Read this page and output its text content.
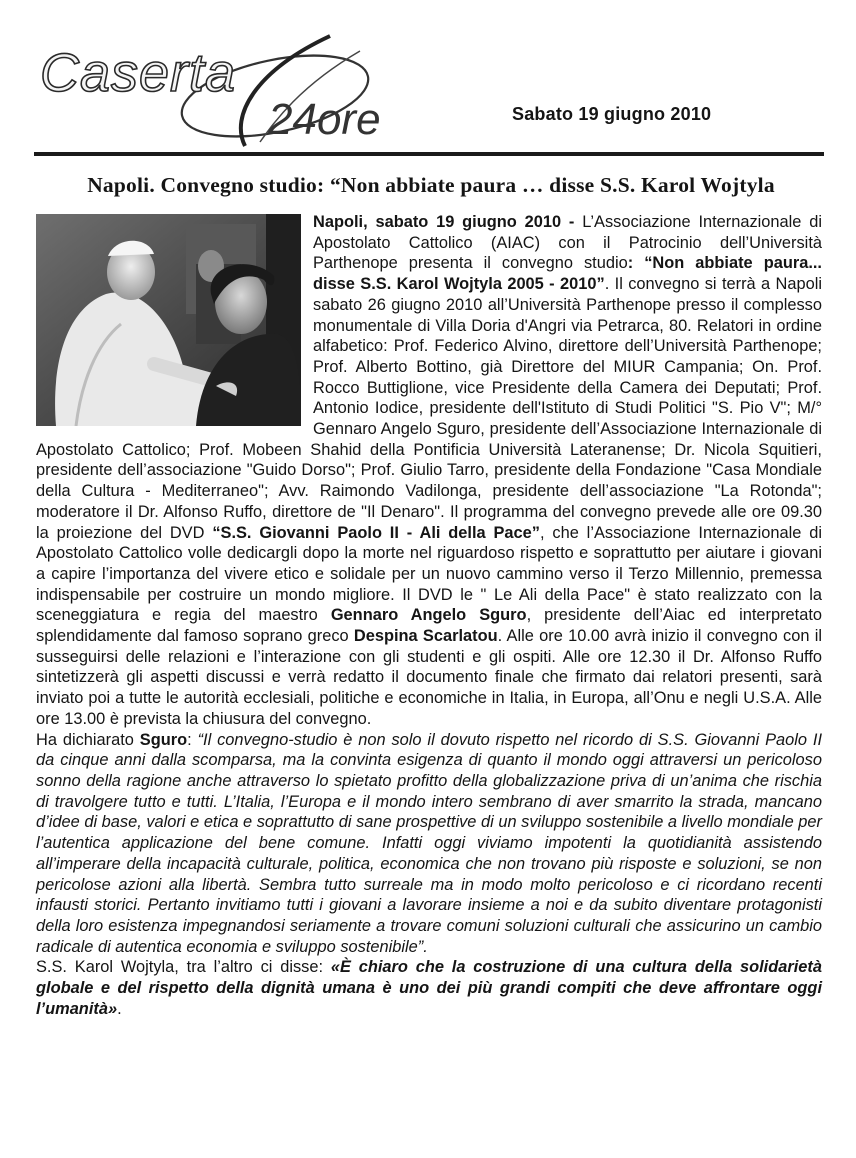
Caserta
24ore	Sabato 19 giugno 2010
Napoli. Convegno studio: “Non abbiate paura … disse S.S. Karol Wojtyla

Napoli, sabato 19 giugno 2010 - L’Associazione Internazionale di Apostolato Cattolico (AIAC) con il Patrocinio dell’Università Parthenope presenta il convegno studio: “Non abbiate paura... disse S.S. Karol Wojtyla 2005 - 2010”. Il convegno si terrà a Napoli sabato 26 giugno 2010 all’Università Parthenope presso il complesso monumentale di Villa Doria d'Angri via Petrarca, 80. Relatori in ordine alfabetico: Prof. Federico Alvino, direttore dell’Università Parthenope; Prof. Alberto Bottino, già Direttore del MIUR Campania; On. Prof. Rocco Buttiglione, vice Presidente della Camera dei Deputati; Prof. Antonio Iodice, presidente dell'Istituto di Studi Politici "S. Pio V"; M/° Gennaro Angelo Sguro, presidente dell’Associazione Internazionale di Apostolato Cattolico; Prof. Mobeen Shahid della Pontificia Università Lateranense; Dr. Nicola Squitieri, presidente dell’associazione "Guido Dorso"; Prof. Giulio Tarro, presidente della Fondazione "Casa Mondiale della Cultura - Mediterraneo"; Avv. Raimondo Vadilonga, presidente dell’associazione "La Rotonda"; moderatore il Dr. Alfonso Ruffo, direttore de "Il Denaro". Il programma del convegno prevede alle ore 09.30 la proiezione del DVD “S.S. Giovanni Paolo II - Ali della Pace”, che l’Associazione Internazionale di Apostolato Cattolico volle dedicargli dopo la morte nel riguardoso rispetto e soprattutto per aiutare i giovani a capire l’importanza del vivere etico e solidale per un nuovo cammino verso il Terzo Millennio, premessa indispensabile per costruire un mondo migliore. Il DVD le " Le Ali della Pace" è stato realizzato con la sceneggiatura e regia del maestro Gennaro Angelo Sguro, presidente dell’Aiac ed interpretato splendidamente dal famoso soprano greco Despina Scarlatou. Alle ore 10.00 avrà inizio il convegno con il susseguirsi delle relazioni e l’interazione con gli studenti e gli ospiti. Alle ore 12.30 il Dr. Alfonso Ruffo sintetizzerà gli aspetti discussi e verrà redatto il documento finale che firmato dai relatori presenti, sarà inviato poi a tutte le autorità ecclesiali, politiche e economiche in Italia, in Europa, all’Onu e negli U.S.A. Alle ore 13.00 è prevista la chiusura del convegno.

Ha dichiarato Sguro: “Il convegno-studio è non solo il dovuto rispetto nel ricordo di S.S. Giovanni Paolo II da cinque anni dalla scomparsa, ma la convinta esigenza di quanto il mondo oggi attraversi un pericoloso sonno della ragione anche attraverso lo spietato profitto della globalizzazione priva di un’anima che rischia di travolgere tutto e tutti. L’Italia, l’Europa e il mondo intero sembrano di aver smarrito la strada, mancano d’idee di base, valori e etica e soprattutto di sane prospettive di un sviluppo sostenibile a livello mondiale per l’autentica applicazione del bene comune. Infatti oggi viviamo impotenti la quotidianità assistendo all’imperare della incapacità culturale, politica, economica che non trovano più risposte e soluzioni, se non pericolose azioni alla libertà. Sembra tutto surreale ma in modo molto pericoloso e ci ricordano recenti infausti storici. Pertanto invitiamo tutti i giovani a lavorare insieme a noi e da subito diventare protagonisti della loro esistenza impegnandosi seriamente a trovare comuni soluzioni culturali che assicurino un cambio radicale di autentica economia e sviluppo sostenibile”.

S.S. Karol Wojtyla, tra l’altro ci disse: «È chiaro che la costruzione di una cultura della solidarietà globale e del rispetto della dignità umana è uno dei più grandi compiti che deve affrontare oggi l’umanità».
